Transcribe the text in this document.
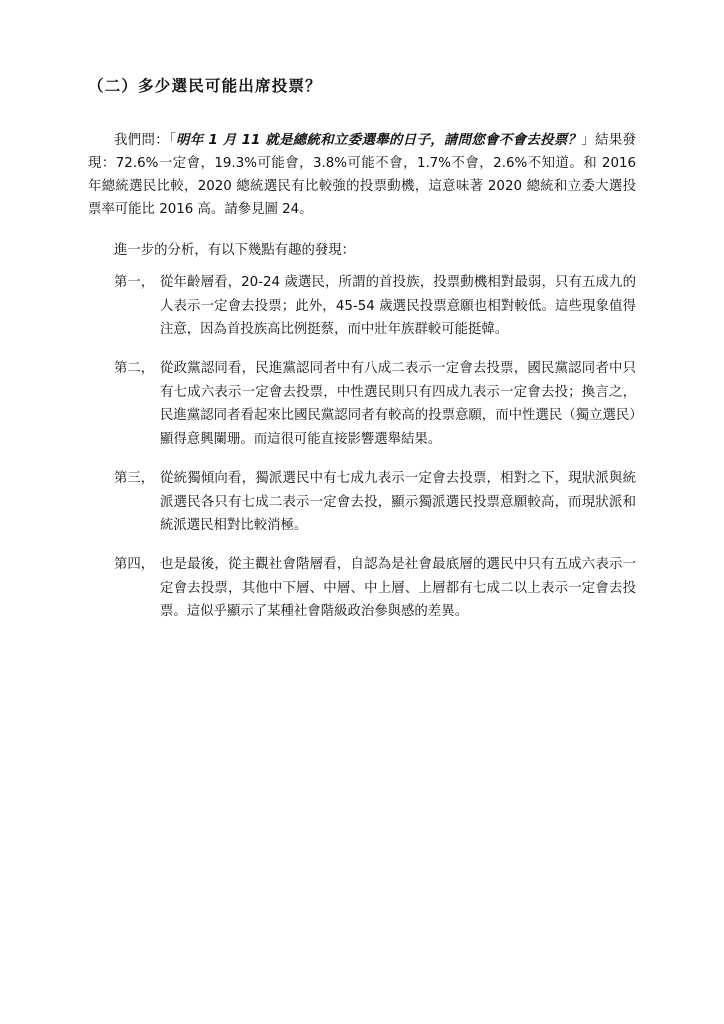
（二）多少選民可能出席投票？
我們問：「明年 1 月 11 就是總統和立委選舉的日子，請問您會不會去投票？」結果發現：72.6%一定會，19.3%可能會，3.8%可能不會，1.7%不會，2.6%不知道。和 2016 年總統選民比較，2020 總統選民有比較強的投票動機，這意味著 2020 總統和立委大選投票率可能比 2016 高。請參見圖 24。
進一步的分析，有以下幾點有趣的發現：
第一， 從年齡層看，20-24 歲選民，所謂的首投族，投票動機相對最弱，只有五成九的人表示一定會去投票；此外，45-54 歲選民投票意願也相對較低。這些現象值得注意，因為首投族高比例挺蔡，而中壯年族群較可能挺韓。
第二， 從政黨認同看，民進黨認同者中有八成二表示一定會去投票，國民黨認同者中只有七成六表示一定會去投票，中性選民則只有四成九表示一定會去投；換言之，民進黨認同者看起來比國民黨認同者有較高的投票意願，而中性選民（獨立選民）顯得意興闌珊。而這很可能直接影響選舉結果。
第三， 從統獨傾向看，獨派選民中有七成九表示一定會去投票，相對之下，現狀派與統派選民各只有七成二表示一定會去投，顯示獨派選民投票意願較高，而現狀派和統派選民相對比較消極。
第四， 也是最後，從主觀社會階層看，自認為是社會最底層的選民中只有五成六表示一定會去投票，其他中下層、中層、中上層、上層都有七成二以上表示一定會去投票。這似乎顯示了某種社會階級政治參與感的差異。
